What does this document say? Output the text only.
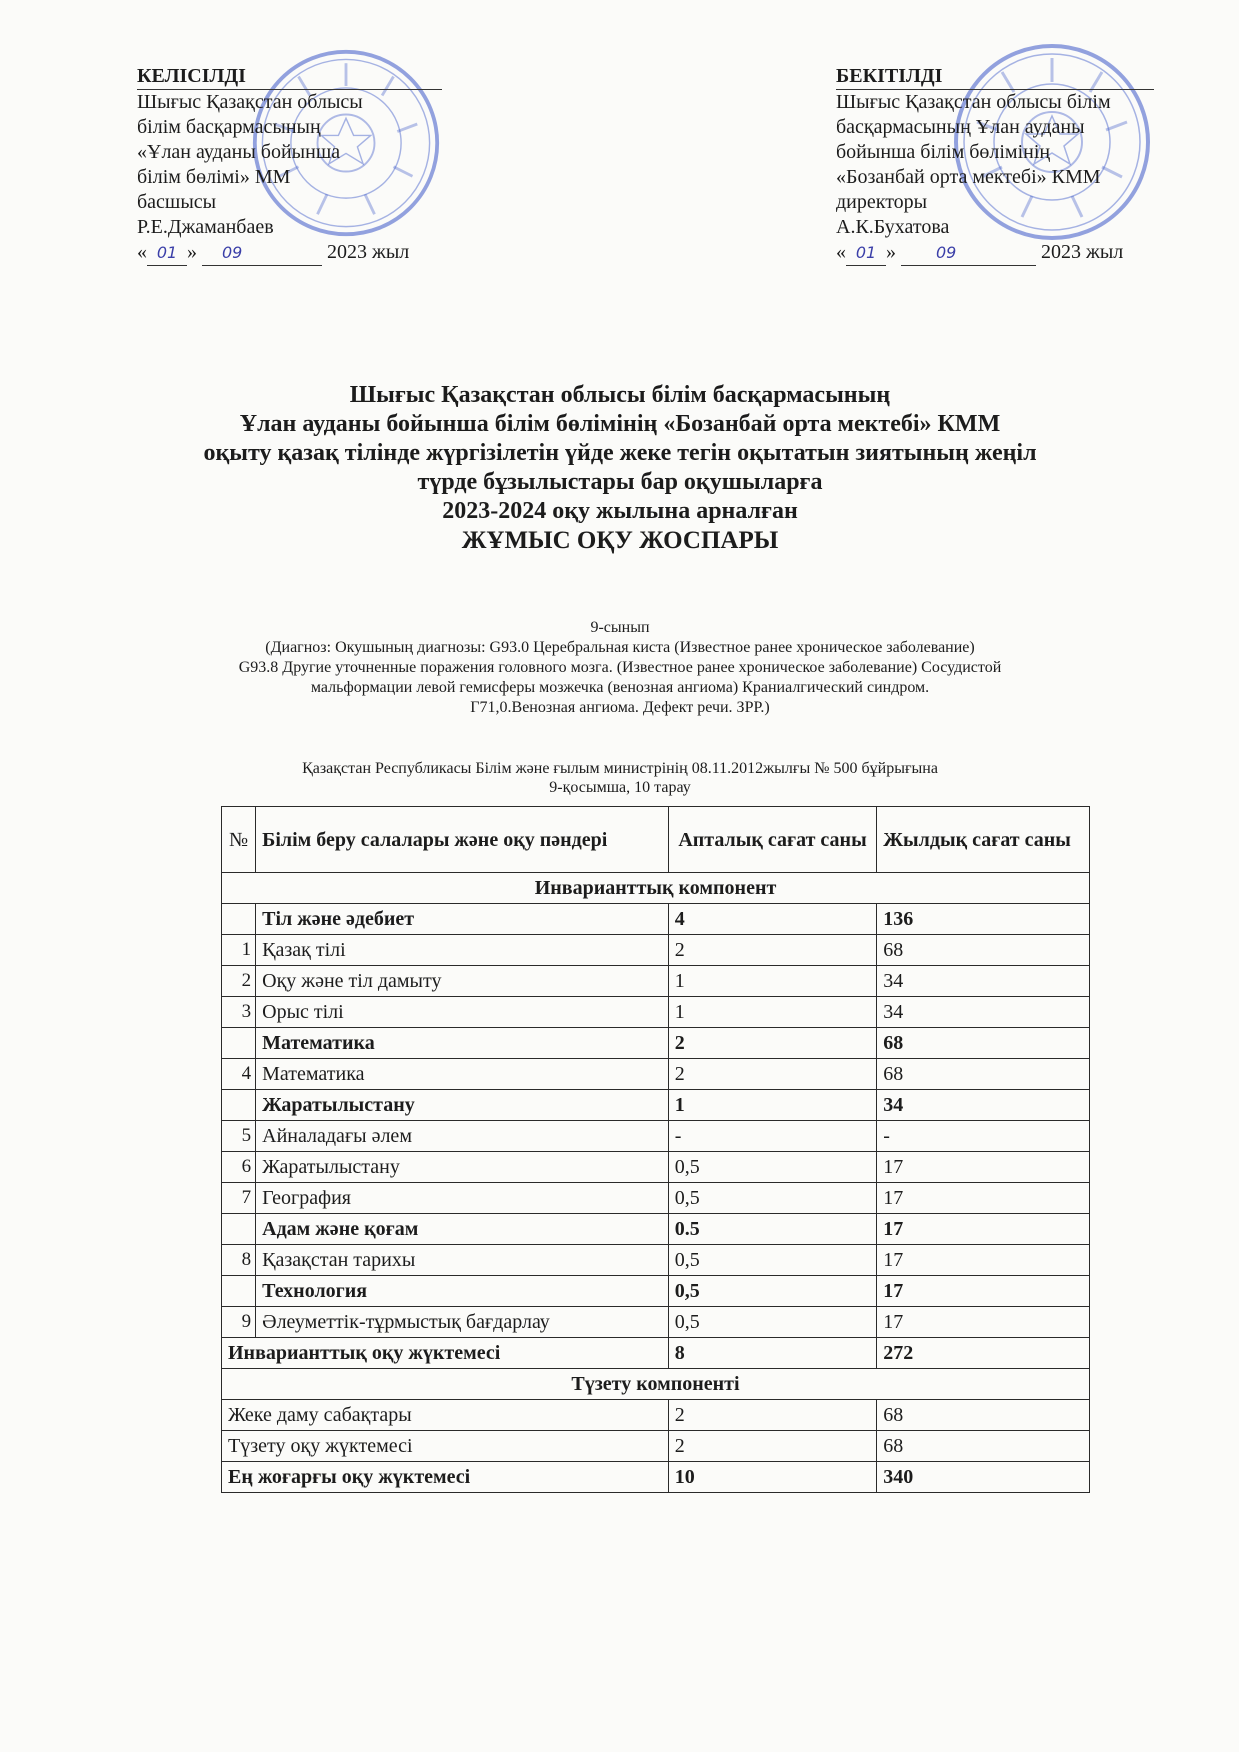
КЕЛІСІЛДІ
Шығыс Қазақстан облысы
білім басқармасының
«Ұлан ауданы бойынша
білім бөлімі» ММ
басшысы
Р.Е.Джаманбаев
« 01 » 09	2023 жыл
БЕКІТІЛДІ
Шығыс Қазақстан облысы білім
басқармасының Ұлан ауданы
бойынша білім бөлімінің
«Бозанбай орта мектебі» КММ
директоры
А.К.Бухатова
« 01 » 09	2023 жыл
Шығыс Қазақстан облысы білім басқармасының
Ұлан ауданы бойынша білім бөлімінің «Бозанбай орта мектебі» КММ
оқыту қазақ тілінде жүргізілетін үйде жеке тегін оқытатын зиятының жеңіл
түрде бұзылыстары бар оқушыларға
2023-2024 оқу жылына арналған
ЖҰМЫС ОҚУ ЖОСПАРЫ
9-сынып
(Диагноз: Окушының диагнозы: G93.0 Церебральная киста (Известное ранее хроническое заболевание)
G93.8 Другие уточненные поражения головного мозга. (Известное ранее хроническое заболевание) Сосудистой
мальформации левой гемисферы мозжечка (венозная ангиома) Краниалгический синдром.
Г71,0.Венозная ангиома. Дефект речи. ЗРР.)
Қазақстан Республикасы Білім және ғылым министрінің 08.11.2012жылғы № 500 бұйрығына
9-қосымша, 10 тарау
№	Білім беру салалары және оқу пәндері	Апталық сағат саны	Жылдық сағат саны
Инварианттық компонент			
	Тіл және әдебиет	4	136
1	Қазақ тілі	2	68
2	Оқу және тіл дамыту	1	34
3	Орыс тілі	1	34
	Математика	2	68
4	Математика	2	68
	Жаратылыстану	1	34
5	Айналадағы әлем	-	-
6	Жаратылыстану	0,5	17
7	География	0,5	17
	Адам және қоғам	0.5	17
8	Қазақстан тарихы	0,5	17
	Технология	0,5	17
9	Әлеуметтік-тұрмыстық бағдарлау	0,5	17
Инварианттық оқу жүктемесі		8	272
Түзету компоненті			
Жеке даму сабақтары		2	68
Түзету оқу жүктемесі		2	68
Ең жоғарғы оқу жүктемесі		10	340
